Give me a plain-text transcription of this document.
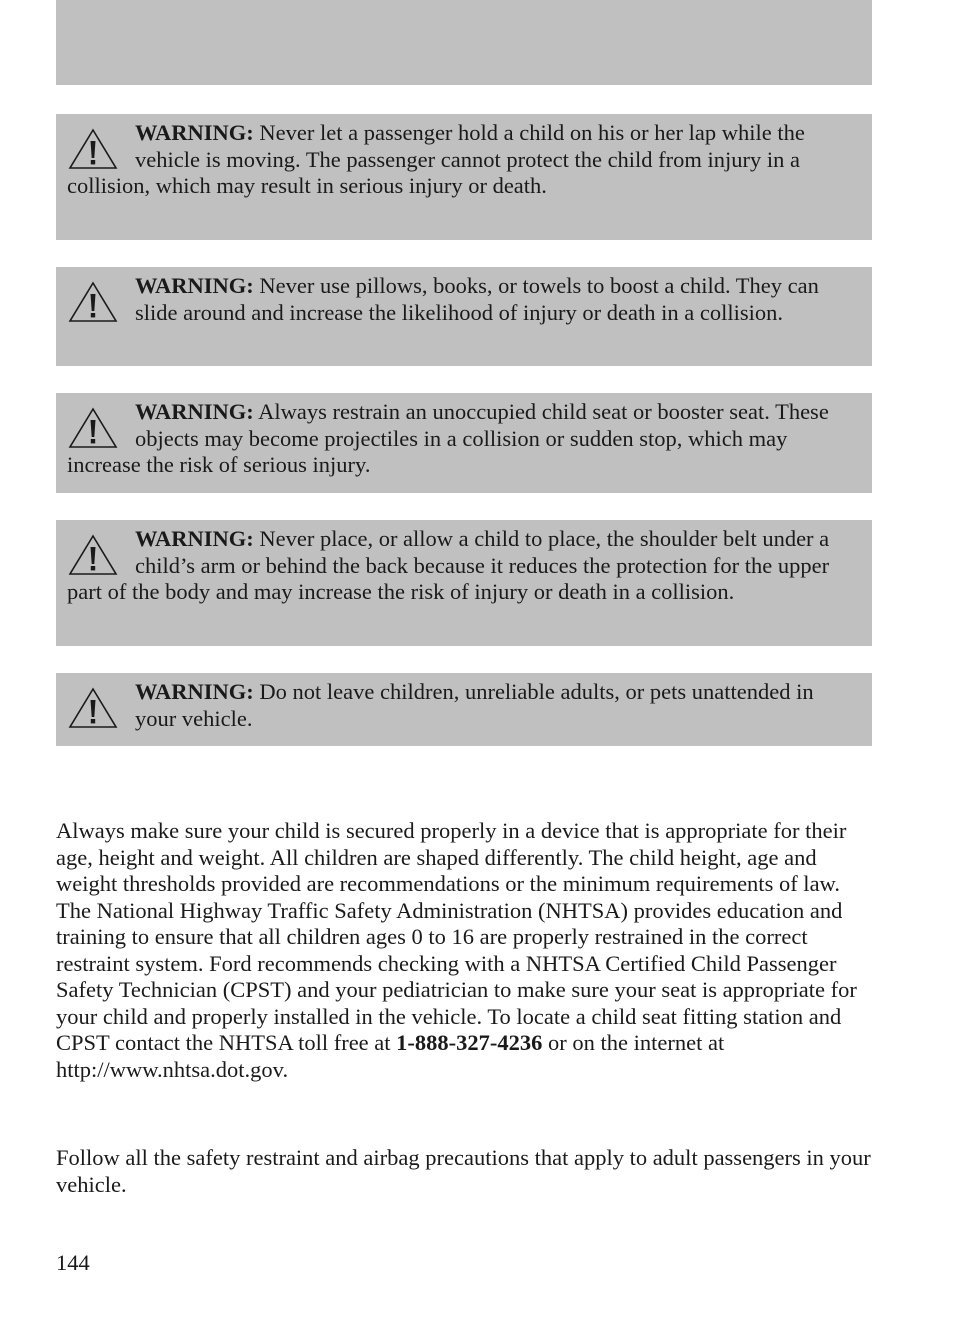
WARNING: Never let a passenger hold a child on his or her lap while the vehicle is moving. The passenger cannot protect the child from injury in a collision, which may result in serious injury or death.
WARNING: Never use pillows, books, or towels to boost a child. They can slide around and increase the likelihood of injury or death in a collision.
WARNING: Always restrain an unoccupied child seat or booster seat. These objects may become projectiles in a collision or sudden stop, which may increase the risk of serious injury.
WARNING: Never place, or allow a child to place, the shoulder belt under a child’s arm or behind the back because it reduces the protection for the upper part of the body and may increase the risk of injury or death in a collision.
WARNING: Do not leave children, unreliable adults, or pets unattended in your vehicle.

Always make sure your child is secured properly in a device that is appropriate for their age, height and weight. All children are shaped differently. The child height, age and weight thresholds provided are recommendations or the minimum requirements of law. The National Highway Traffic Safety Administration (NHTSA) provides education and training to ensure that all children ages 0 to 16 are properly restrained in the correct restraint system. Ford recommends checking with a NHTSA Certified Child Passenger Safety Technician (CPST) and your pediatrician to make sure your seat is appropriate for your child and properly installed in the vehicle. To locate a child seat fitting station and CPST contact the NHTSA toll free at 1-888-327-4236 or on the internet at http://www.nhtsa.dot.gov.

Follow all the safety restraint and airbag precautions that apply to adult passengers in your vehicle.

144
